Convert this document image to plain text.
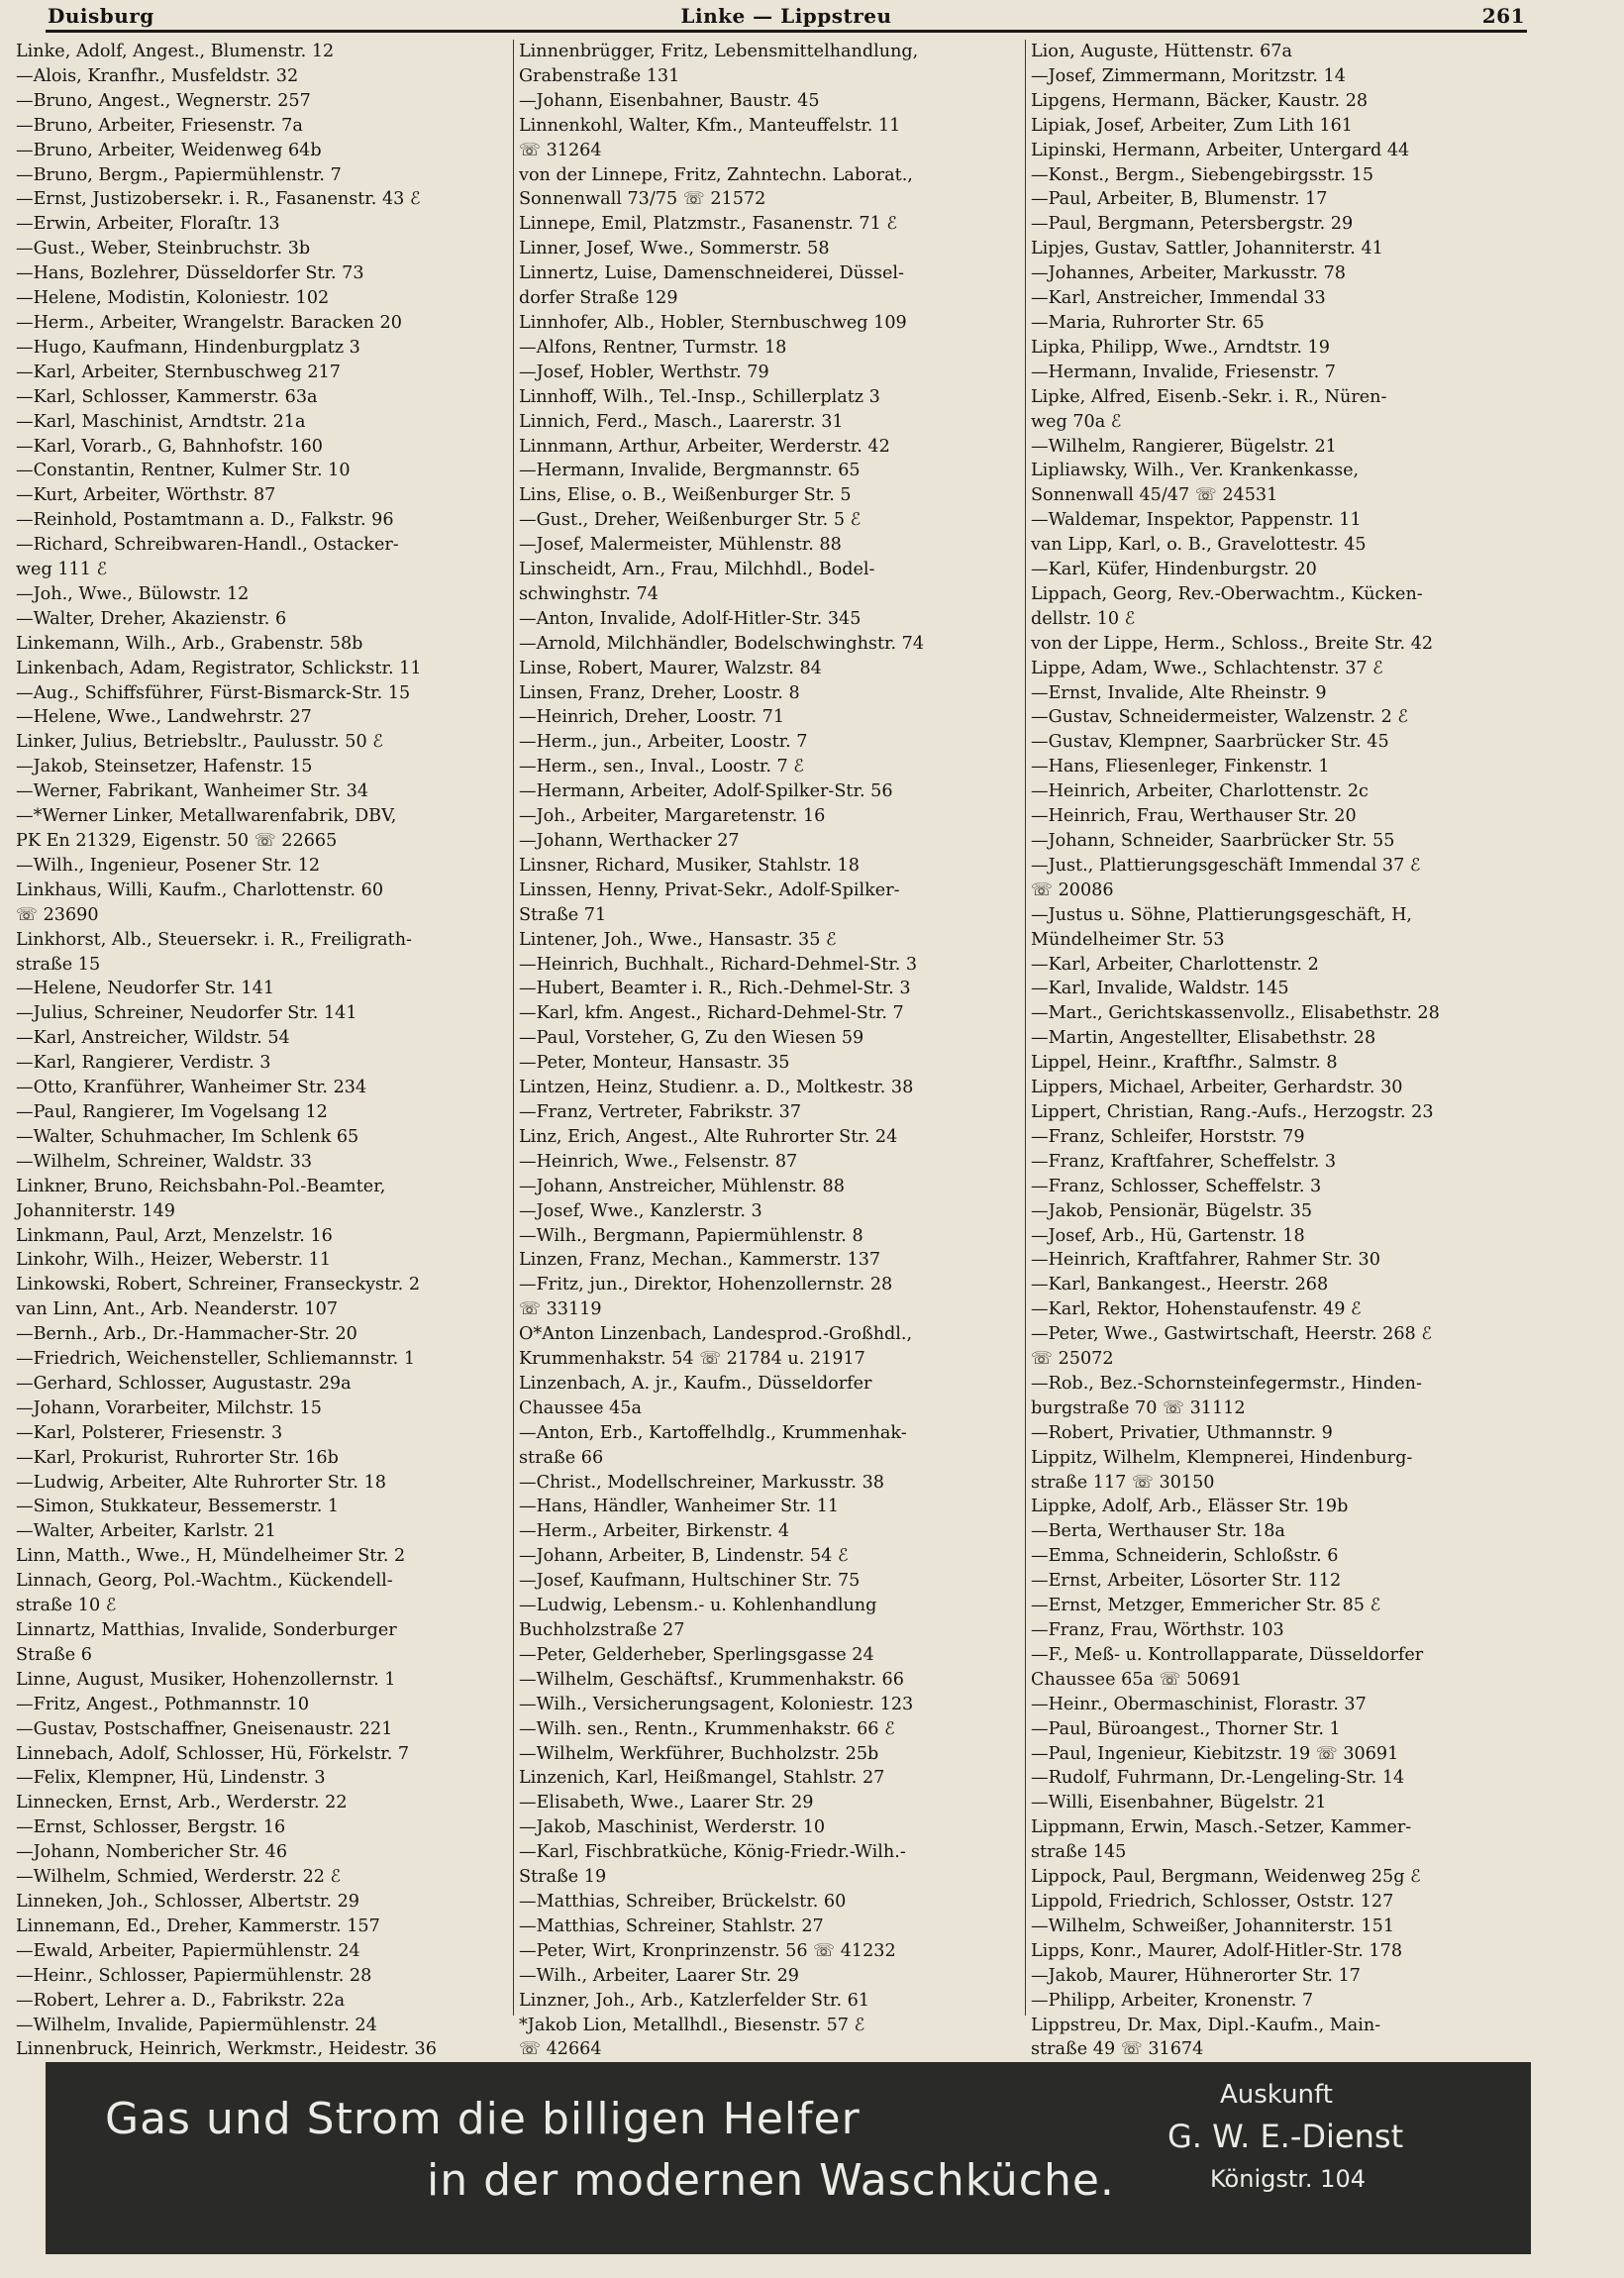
Duisburg	Linke — Lippstreu	261
Linke, Adolf, Angest., Blumenstr. 12
—Alois, Kranfhr., Musfeldstr. 32
—Bruno, Angest., Wegnerstr. 257
—Bruno, Arbeiter, Friesenstr. 7a
—Bruno, Arbeiter, Weidenweg 64b
—Bruno, Bergm., Papiermühlenstr. 7
—Ernst, Justizobersekr. i. R., Fasanenstr. 43 ℰ
—Erwin, Arbeiter, Floraſtr. 13
—Gust., Weber, Steinbruchstr. 3b
—Hans, Bozlehrer, Düsseldorfer Str. 73
—Helene, Modistin, Koloniestr. 102
—Herm., Arbeiter, Wrangelstr. Baracken 20
—Hugo, Kaufmann, Hindenburgplatz 3
—Karl, Arbeiter, Sternbuschweg 217
—Karl, Schlosser, Kammerstr. 63a
—Karl, Maschinist, Arndtstr. 21a
—Karl, Vorarb., G, Bahnhofstr. 160
—Constantin, Rentner, Kulmer Str. 10
—Kurt, Arbeiter, Wörthstr. 87
—Reinhold, Postamtmann a. D., Falkstr. 96
—Richard, Schreibwaren-Handl., Ostacker-
weg 111 ℰ
—Joh., Wwe., Bülowstr. 12
—Walter, Dreher, Akazienstr. 6
Linkemann, Wilh., Arb., Grabenstr. 58b
Linkenbach, Adam, Registrator, Schlickstr. 11
—Aug., Schiffsführer, Fürst-Bismarck-Str. 15
—Helene, Wwe., Landwehrstr. 27
Linker, Julius, Betriebsltr., Paulusstr. 50 ℰ
—Jakob, Steinsetzer, Hafenstr. 15
—Werner, Fabrikant, Wanheimer Str. 34
—*Werner Linker, Metallwarenfabrik, DBV,
PK En 21329, Eigenstr. 50 ☏ 22665
—Wilh., Ingenieur, Posener Str. 12
Linkhaus, Willi, Kaufm., Charlottenstr. 60
☏ 23690
Linkhorst, Alb., Steuersekr. i. R., Freiligrath-
straße 15
—Helene, Neudorfer Str. 141
—Julius, Schreiner, Neudorfer Str. 141
—Karl, Anstreicher, Wildstr. 54
—Karl, Rangierer, Verdistr. 3
—Otto, Kranführer, Wanheimer Str. 234
—Paul, Rangierer, Im Vogelsang 12
—Walter, Schuhmacher, Im Schlenk 65
—Wilhelm, Schreiner, Waldstr. 33
Linkner, Bruno, Reichsbahn-Pol.-Beamter,
Johanniterstr. 149
Linkmann, Paul, Arzt, Menzelstr. 16
Linkohr, Wilh., Heizer, Weberstr. 11
Linkowski, Robert, Schreiner, Franseckystr. 2
van Linn, Ant., Arb. Neanderstr. 107
—Bernh., Arb., Dr.-Hammacher-Str. 20
—Friedrich, Weichensteller, Schliemannstr. 1
—Gerhard, Schlosser, Augustastr. 29a
—Johann, Vorarbeiter, Milchstr. 15
—Karl, Polsterer, Friesenstr. 3
—Karl, Prokurist, Ruhrorter Str. 16b
—Ludwig, Arbeiter, Alte Ruhrorter Str. 18
—Simon, Stukkateur, Bessemerstr. 1
—Walter, Arbeiter, Karlstr. 21
Linn, Matth., Wwe., H, Mündelheimer Str. 2
Linnach, Georg, Pol.-Wachtm., Kückendell-
straße 10 ℰ
Linnartz, Matthias, Invalide, Sonderburger
Straße 6
Linne, August, Musiker, Hohenzollernstr. 1
—Fritz, Angest., Pothmannstr. 10
—Gustav, Postschaffner, Gneisenaustr. 221
Linnebach, Adolf, Schlosser, Hü, Förkelstr. 7
—Felix, Klempner, Hü, Lindenstr. 3
Linnecken, Ernst, Arb., Werderstr. 22
—Ernst, Schlosser, Bergstr. 16
—Johann, Nombericher Str. 46
—Wilhelm, Schmied, Werderstr. 22 ℰ
Linneken, Joh., Schlosser, Albertstr. 29
Linnemann, Ed., Dreher, Kammerstr. 157
—Ewald, Arbeiter, Papiermühlenstr. 24
—Heinr., Schlosser, Papiermühlenstr. 28
—Robert, Lehrer a. D., Fabrikstr. 22a
—Wilhelm, Invalide, Papiermühlenstr. 24
Linnenbruck, Heinrich, Werkmstr., Heidestr. 36
Linnenbrügger, Fritz, Lebensmittelhandlung,
Grabenstraße 131
—Johann, Eisenbahner, Baustr. 45
Linnenkohl, Walter, Kfm., Manteuffelstr. 11
☏ 31264
von der Linnepe, Fritz, Zahntechn. Laborat.,
Sonnenwall 73/75 ☏ 21572
Linnepe, Emil, Platzmstr., Fasanenstr. 71 ℰ
Linner, Josef, Wwe., Sommerstr. 58
Linnertz, Luise, Damenschneiderei, Düssel-
dorfer Straße 129
Linnhofer, Alb., Hobler, Sternbuschweg 109
—Alfons, Rentner, Turmstr. 18
—Josef, Hobler, Werthstr. 79
Linnhoff, Wilh., Tel.-Insp., Schillerplatz 3
Linnich, Ferd., Masch., Laarerstr. 31
Linnmann, Arthur, Arbeiter, Werderstr. 42
—Hermann, Invalide, Bergmannstr. 65
Lins, Elise, o. B., Weißenburger Str. 5
—Gust., Dreher, Weißenburger Str. 5 ℰ
—Josef, Malermeister, Mühlenstr. 88
Linscheidt, Arn., Frau, Milchhdl., Bodel-
schwinghstr. 74
—Anton, Invalide, Adolf-Hitler-Str. 345
—Arnold, Milchhändler, Bodelschwinghstr. 74
Linse, Robert, Maurer, Walzstr. 84
Linsen, Franz, Dreher, Loostr. 8
—Heinrich, Dreher, Loostr. 71
—Herm., jun., Arbeiter, Loostr. 7
—Herm., sen., Inval., Loostr. 7 ℰ
—Hermann, Arbeiter, Adolf-Spilker-Str. 56
—Joh., Arbeiter, Margaretenstr. 16
—Johann, Werthacker 27
Linsner, Richard, Musiker, Stahlstr. 18
Linssen, Henny, Privat-Sekr., Adolf-Spilker-
Straße 71
Lintener, Joh., Wwe., Hansastr. 35 ℰ
—Heinrich, Buchhalt., Richard-Dehmel-Str. 3
—Hubert, Beamter i. R., Rich.-Dehmel-Str. 3
—Karl, kfm. Angest., Richard-Dehmel-Str. 7
—Paul, Vorsteher, G, Zu den Wiesen 59
—Peter, Monteur, Hansastr. 35
Lintzen, Heinz, Studienr. a. D., Moltkestr. 38
—Franz, Vertreter, Fabrikstr. 37
Linz, Erich, Angest., Alte Ruhrorter Str. 24
—Heinrich, Wwe., Felsenstr. 87
—Johann, Anstreicher, Mühlenstr. 88
—Josef, Wwe., Kanzlerstr. 3
—Wilh., Bergmann, Papiermühlenstr. 8
Linzen, Franz, Mechan., Kammerstr. 137
—Fritz, jun., Direktor, Hohenzollernstr. 28
☏ 33119
O*Anton Linzenbach, Landesprod.-Großhdl.,
Krummenhakstr. 54 ☏ 21784 u. 21917
Linzenbach, A. jr., Kaufm., Düsseldorfer
Chaussee 45a
—Anton, Erb., Kartoffelhdlg., Krummenhak-
straße 66
—Christ., Modellschreiner, Markusstr. 38
—Hans, Händler, Wanheimer Str. 11
—Herm., Arbeiter, Birkenstr. 4
—Johann, Arbeiter, B, Lindenstr. 54 ℰ
—Josef, Kaufmann, Hultschiner Str. 75
—Ludwig, Lebensm.- u. Kohlenhandlung
Buchholzstraße 27
—Peter, Gelderheber, Sperlingsgasse 24
—Wilhelm, Geschäftsf., Krummenhakstr. 66
—Wilh., Versicherungsagent, Koloniestr. 123
—Wilh. sen., Rentn., Krummenhakstr. 66 ℰ
—Wilhelm, Werkführer, Buchholzstr. 25b
Linzenich, Karl, Heißmangel, Stahlstr. 27
—Elisabeth, Wwe., Laarer Str. 29
—Jakob, Maschinist, Werderstr. 10
—Karl, Fischbratküche, König-Friedr.-Wilh.-
Straße 19
—Matthias, Schreiber, Brückelstr. 60
—Matthias, Schreiner, Stahlstr. 27
—Peter, Wirt, Kronprinzenstr. 56 ☏ 41232
—Wilh., Arbeiter, Laarer Str. 29
Linzner, Joh., Arb., Katzlerfelder Str. 61
*Jakob Lion, Metallhdl., Biesenstr. 57 ℰ
☏ 42664
Lion, Auguste, Hüttenstr. 67a
—Josef, Zimmermann, Moritzstr. 14
Lipgens, Hermann, Bäcker, Kaustr. 28
Lipiak, Josef, Arbeiter, Zum Lith 161
Lipinski, Hermann, Arbeiter, Untergard 44
—Konst., Bergm., Siebengebirgsstr. 15
—Paul, Arbeiter, B, Blumenstr. 17
—Paul, Bergmann, Petersbergstr. 29
Lipjes, Gustav, Sattler, Johanniterstr. 41
—Johannes, Arbeiter, Markusstr. 78
—Karl, Anstreicher, Immendal 33
—Maria, Ruhrorter Str. 65
Lipka, Philipp, Wwe., Arndtstr. 19
—Hermann, Invalide, Friesenstr. 7
Lipke, Alfred, Eisenb.-Sekr. i. R., Nüren-
weg 70a ℰ
—Wilhelm, Rangierer, Bügelstr. 21
Lipliawsky, Wilh., Ver. Krankenkasse,
Sonnenwall 45/47 ☏ 24531
—Waldemar, Inspektor, Pappenstr. 11
van Lipp, Karl, o. B., Gravelottestr. 45
—Karl, Küfer, Hindenburgstr. 20
Lippach, Georg, Rev.-Oberwachtm., Kücken-
dellstr. 10 ℰ
von der Lippe, Herm., Schloss., Breite Str. 42
Lippe, Adam, Wwe., Schlachtenstr. 37 ℰ
—Ernst, Invalide, Alte Rheinstr. 9
—Gustav, Schneidermeister, Walzenstr. 2 ℰ
—Gustav, Klempner, Saarbrücker Str. 45
—Hans, Fliesenleger, Finkenstr. 1
—Heinrich, Arbeiter, Charlottenstr. 2c
—Heinrich, Frau, Werthauser Str. 20
—Johann, Schneider, Saarbrücker Str. 55
—Just., Plattierungsgeschäft Immendal 37 ℰ
☏ 20086
—Justus u. Söhne, Plattierungsgeschäft, H,
Mündelheimer Str. 53
—Karl, Arbeiter, Charlottenstr. 2
—Karl, Invalide, Waldstr. 145
—Mart., Gerichtskassenvollz., Elisabethstr. 28
—Martin, Angestellter, Elisabethstr. 28
Lippel, Heinr., Kraftfhr., Salmstr. 8
Lippers, Michael, Arbeiter, Gerhardstr. 30
Lippert, Christian, Rang.-Aufs., Herzogstr. 23
—Franz, Schleifer, Horststr. 79
—Franz, Kraftfahrer, Scheffelstr. 3
—Franz, Schlosser, Scheffelstr. 3
—Jakob, Pensionär, Bügelstr. 35
—Josef, Arb., Hü, Gartenstr. 18
—Heinrich, Kraftfahrer, Rahmer Str. 30
—Karl, Bankangest., Heerstr. 268
—Karl, Rektor, Hohenstaufenstr. 49 ℰ
—Peter, Wwe., Gastwirtschaft, Heerstr. 268 ℰ
☏ 25072
—Rob., Bez.-Schornsteinfegermstr., Hinden-
burgstraße 70 ☏ 31112
—Robert, Privatier, Uthmannstr. 9
Lippitz, Wilhelm, Klempnerei, Hindenburg-
straße 117 ☏ 30150
Lippke, Adolf, Arb., Elässer Str. 19b
—Berta, Werthauser Str. 18a
—Emma, Schneiderin, Schloßstr. 6
—Ernst, Arbeiter, Lösorter Str. 112
—Ernst, Metzger, Emmericher Str. 85 ℰ
—Franz, Frau, Wörthstr. 103
—F., Meß- u. Kontrollapparate, Düsseldorfer
Chaussee 65a ☏ 50691
—Heinr., Obermaschinist, Florastr. 37
—Paul, Büroangest., Thorner Str. 1
—Paul, Ingenieur, Kiebitzstr. 19 ☏ 30691
—Rudolf, Fuhrmann, Dr.-Lengeling-Str. 14
—Willi, Eisenbahner, Bügelstr. 21
Lippmann, Erwin, Masch.-Setzer, Kammer-
straße 145
Lippock, Paul, Bergmann, Weidenweg 25g ℰ
Lippold, Friedrich, Schlosser, Oststr. 127
—Wilhelm, Schweißer, Johanniterstr. 151
Lipps, Konr., Maurer, Adolf-Hitler-Str. 178
—Jakob, Maurer, Hühnerorter Str. 17
—Philipp, Arbeiter, Kronenstr. 7
Lippstreu, Dr. Max, Dipl.-Kaufm., Main-
straße 49 ☏ 31674
Gas und Strom die billigen Helfer
in der modernen Waschküche.
Auskunft
G. W. E.-Dienst
Königstr. 104
